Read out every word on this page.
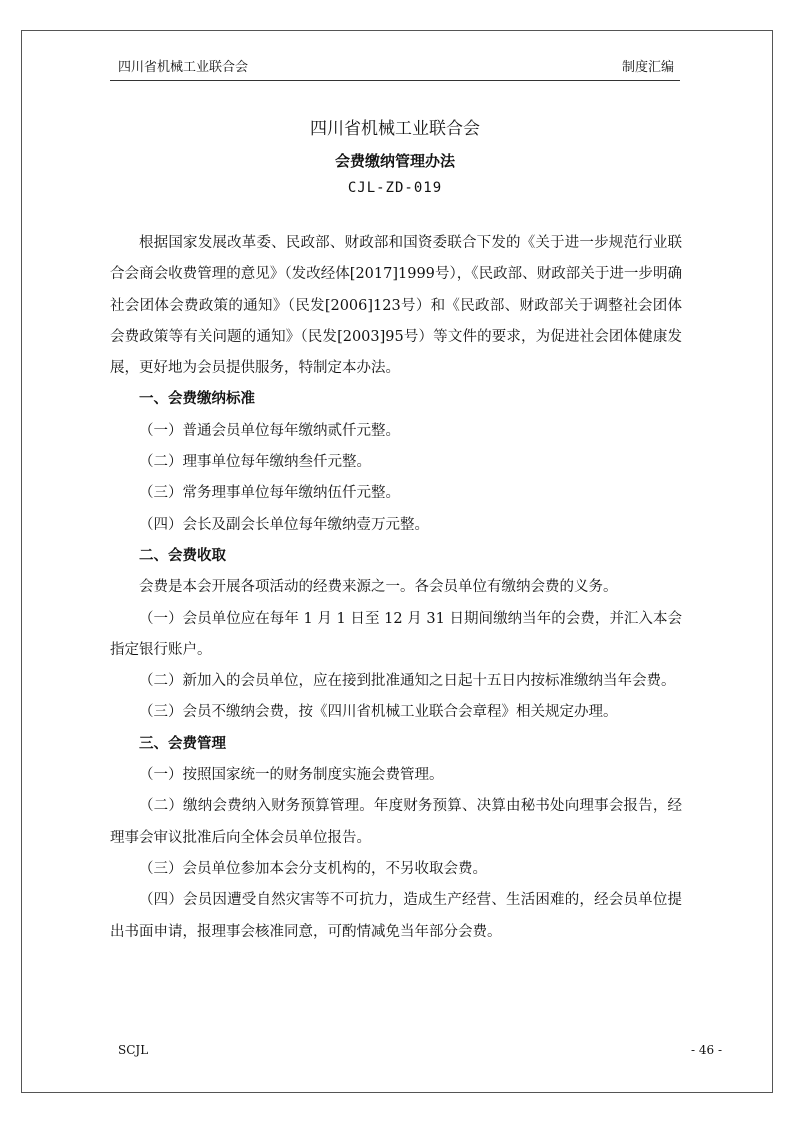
四川省机械工业联合会	制度汇编
四川省机械工业联合会
会费缴纳管理办法
CJL-ZD-019

根据国家发展改革委、民政部、财政部和国资委联合下发的《关于进一步规范行业联合会商会收费管理的意见》（发改经体[2017]1999号），《民政部、财政部关于进一步明确社会团体会费政策的通知》（民发[2006]123号）和《民政部、财政部关于调整社会团体会费政策等有关问题的通知》（民发[2003]95号）等文件的要求，为促进社会团体健康发展，更好地为会员提供服务，特制定本办法。

一、会费缴纳标准

（一）普通会员单位每年缴纳贰仟元整。

（二）理事单位每年缴纳叁仟元整。

（三）常务理事单位每年缴纳伍仟元整。

（四）会长及副会长单位每年缴纳壹万元整。

二、会费收取

会费是本会开展各项活动的经费来源之一。各会员单位有缴纳会费的义务。

（一）会员单位应在每年 1 月 1 日至 12 月 31 日期间缴纳当年的会费，并汇入本会指定银行账户。

（二）新加入的会员单位，应在接到批准通知之日起十五日内按标准缴纳当年会费。

（三）会员不缴纳会费，按《四川省机械工业联合会章程》相关规定办理。

三、会费管理

（一）按照国家统一的财务制度实施会费管理。

（二）缴纳会费纳入财务预算管理。年度财务预算、决算由秘书处向理事会报告，经理事会审议批准后向全体会员单位报告。

（三）会员单位参加本会分支机构的，不另收取会费。

（四）会员因遭受自然灾害等不可抗力，造成生产经营、生活困难的，经会员单位提出书面申请，报理事会核准同意，可酌情减免当年部分会费。

SCJL	- 46 -
